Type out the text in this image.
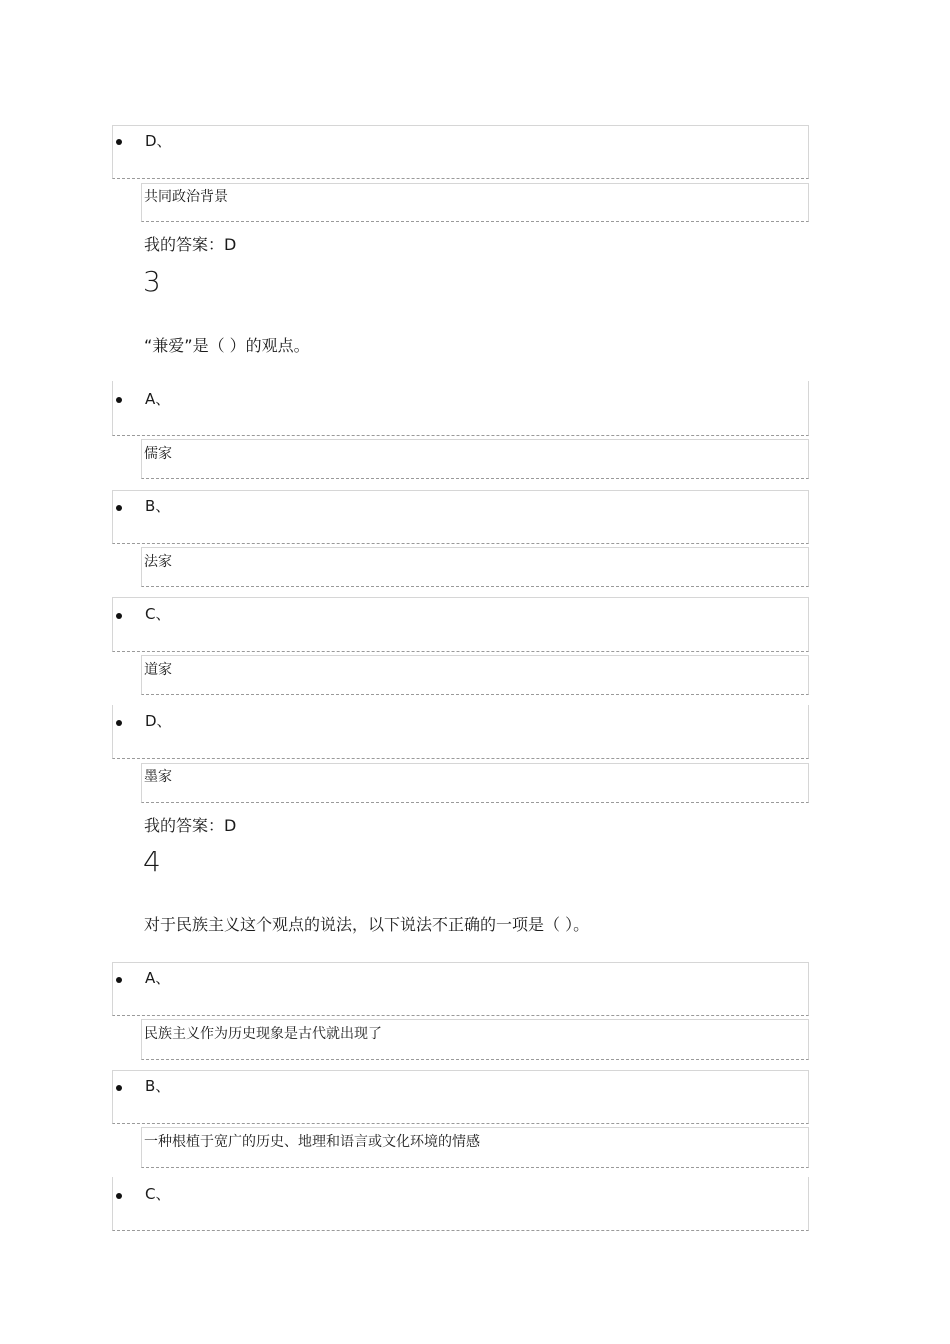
D、
共同政治背景
我的答案：D
3
“兼爱”是（ ）的观点。
A、
儒家
B、
法家
C、
道家
D、
墨家
我的答案：D
4
对于民族主义这个观点的说法，以下说法不正确的一项是（ ）。
A、
民族主义作为历史现象是古代就出现了
B、
一种根植于宽广的历史、地理和语言或文化环境的情感
C、
